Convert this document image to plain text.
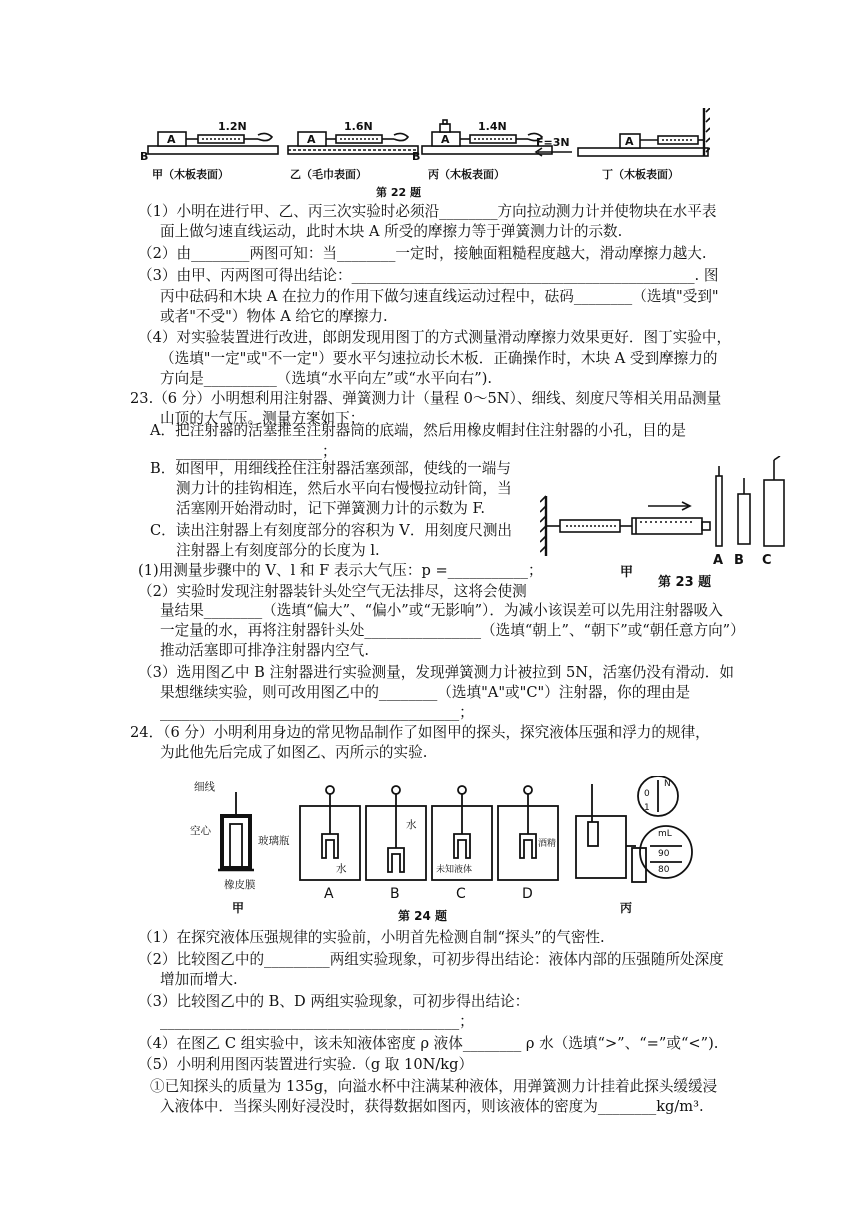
1.2N	1.6N	1.4N
F=3N
A	A	A	A
B	B
甲（木板表面）	乙（毛巾表面）	丙（木板表面）	丁（木板表面）
第 22 题
（1）小明在进行甲、乙、丙三次实验时必须沿________方向拉动测力计并使物块在水平表
面上做匀速直线运动，此时木块 A 所受的摩擦力等于弹簧测力计的示数.
（2）由________两图可知：当________一定时，接触面粗糙程度越大，滑动摩擦力越大.
（3）由甲、丙两图可得出结论：_______________________________________________. 图
丙中砝码和木块 A 在拉力的作用下做匀速直线运动过程中，砝码________（选填"受到"
或者"不受"）物体 A 给它的摩擦力.
（4）对实验装置进行改进，郎朗发现用图丁的方式测量滑动摩擦力效果更好．图丁实验中，
（选填"一定"或"不一定"）要水平匀速拉动长木板．正确操作时，木块 A 受到摩擦力的
方向是__________（选填“水平向左”或“水平向右”).
23.（6 分）小明想利用注射器、弹簧测力计（量程 0～5N）、细线、刻度尺等相关用品测量
山顶的大气压。测量方案如下：
A．把注射器的活塞推至注射器筒的底端，然后用橡皮帽封住注射器的小孔，目的是
____________________；
B．如图甲，用细线拴住注射器活塞颈部，使线的一端与
测力计的挂钩相连，然后水平向右慢慢拉动针筒，当
活塞刚开始滑动时，记下弹簧测力计的示数为 F.
C．读出注射器上有刻度部分的容积为 V．用刻度尺测出
注射器上有刻度部分的长度为 l.
(1)用测量步骤中的 V、l 和 F 表示大气压：p =___________；
（2）实验时发现注射器装针头处空气无法排尽，这将会使测
量结果________（选填“偏大”、“偏小”或“无影响”）．为减小该误差可以先用注射器吸入
一定量的水，再将注射器针头处________________（选填“朝上”、“朝下”或“朝任意方向”）
推动活塞即可排净注射器内空气.
（3）选用图乙中 B 注射器进行实验测量，发现弹簧测力计被拉到 5N，活塞仍没有滑动．如
果想继续实验，则可改用图乙中的________（选填"A"或"C"）注射器，你的理由是
_________________________________________；
A B C
甲
第 23 题
24．（6 分）小明利用身边的常见物品制作了如图甲的探头，探究液体压强和浮力的规律，
为此他先后完成了如图乙、丙所示的实验.
细线
空心
玻璃瓶
橡皮膜
水
水
未知液体
酒精
N
0
1
mL
90
80
A	B	C	D
甲	丙
第 24 题
（1）在探究液体压强规律的实验前，小明首先检测自制“探头”的气密性.
（2）比较图乙中的_________两组实验现象，可初步得出结论：液体内部的压强随所处深度
增加而增大.
（3）比较图乙中的 B、D 两组实验现象，可初步得出结论：
_________________________________________；
（4）在图乙 C 组实验中，该未知液体密度 ρ 液体________ ρ 水（选填“>”、“=”或“<”).
（5）小明利用图丙装置进行实验.（g 取 10N/kg）
①已知探头的质量为 135g，向溢水杯中注满某种液体，用弹簧测力计挂着此探头缓缓浸
入液体中．当探头刚好浸没时，获得数据如图丙，则该液体的密度为________kg/m³.
